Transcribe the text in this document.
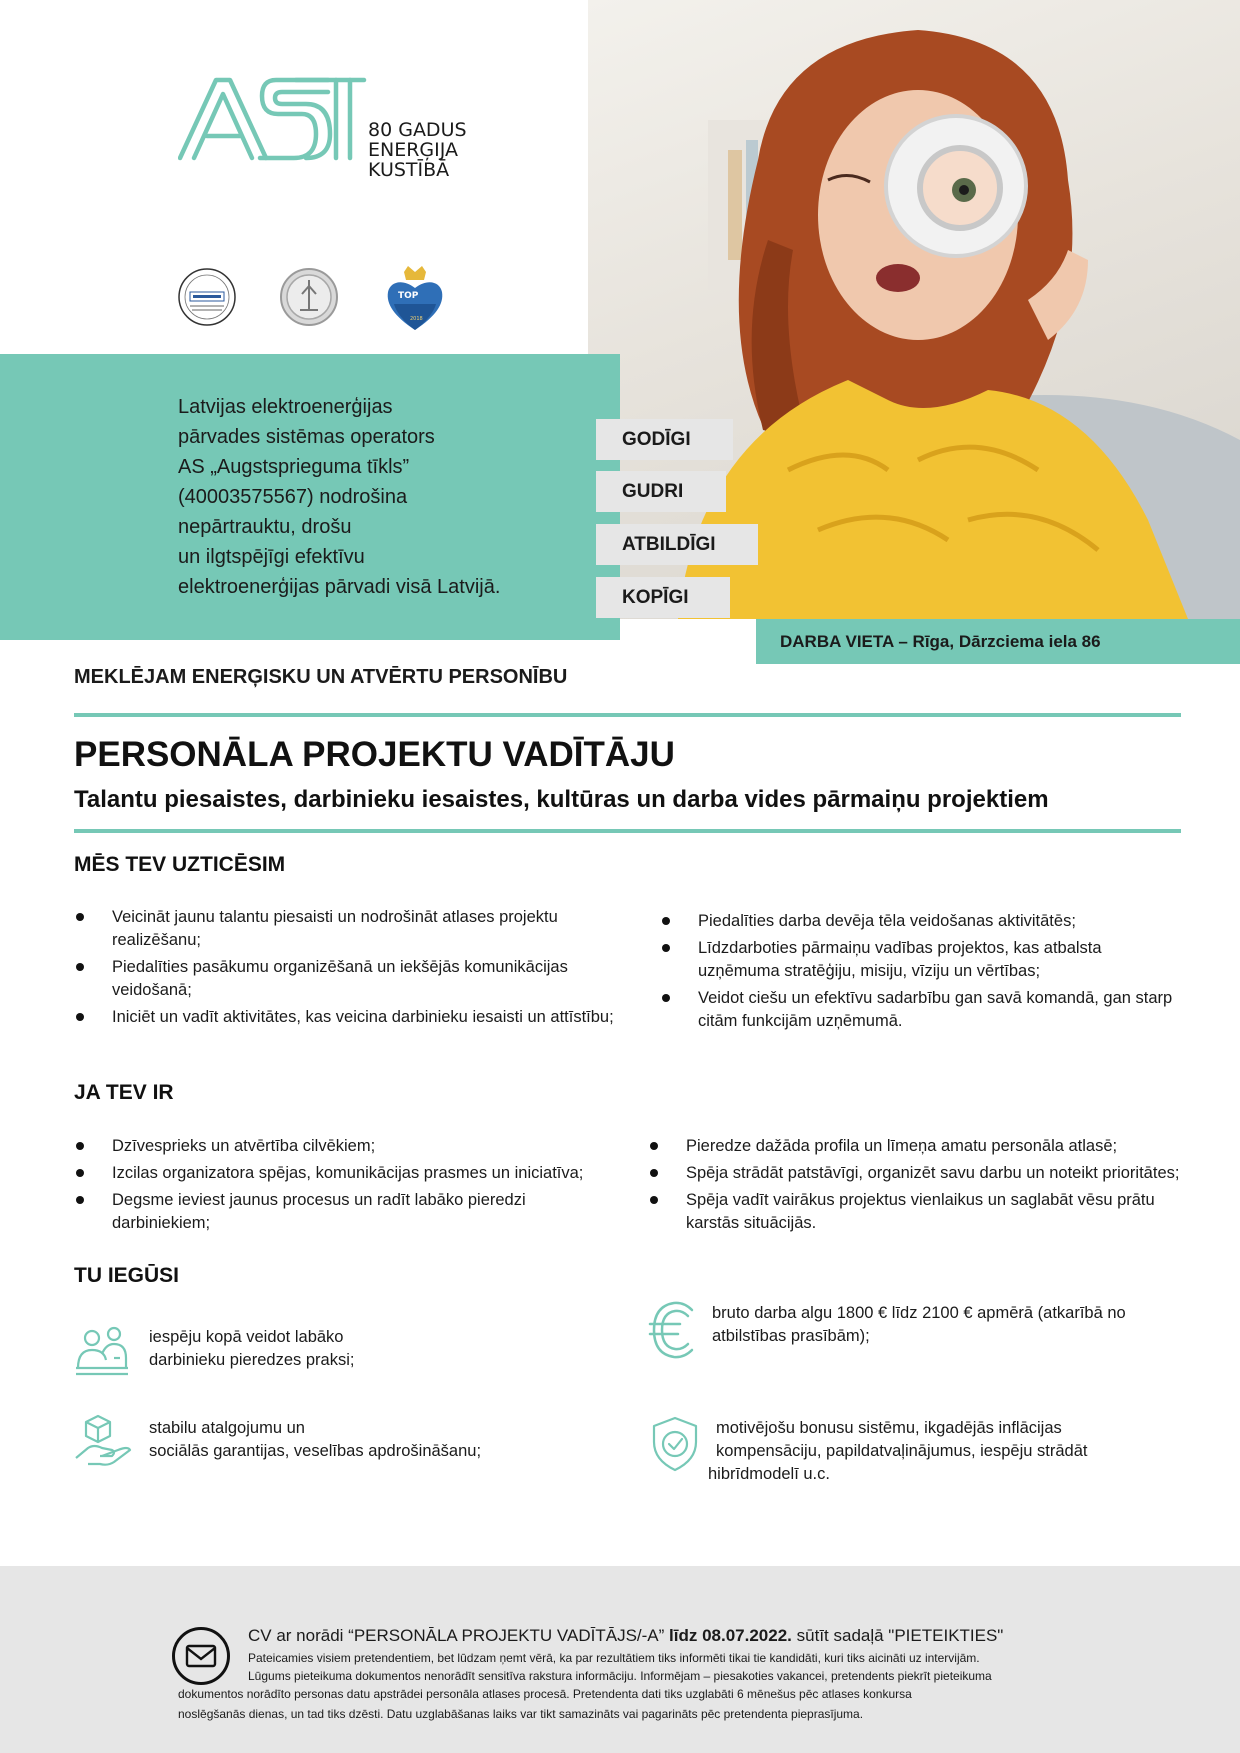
80 GADUS
ENERĢIJA
KUSTĪBĀ
TOP
2018
Latvijas elektroenerģijas
pārvades sistēmas operators
AS „Augstsprieguma tīkls”
(40003575567) nodrošina
nepārtrauktu, drošu
un ilgtspējīgi efektīvu
elektroenerģijas pārvadi visā Latvijā.
GODĪGI
GUDRI
ATBILDĪGI
KOPĪGI
DARBA VIETA – Rīga, Dārzciema iela 86
MEKLĒJAM ENERĢISKU UN ATVĒRTU PERSONĪBU
PERSONĀLA PROJEKTU VADĪTĀJU
Talantu piesaistes, darbinieku iesaistes, kultūras un darba vides pārmaiņu projektiem
MĒS TEV UZTICĒSIM
Veicināt jaunu talantu piesaisti un nodrošināt atlases projektu realizēšanu;
Piedalīties pasākumu organizēšanā un iekšējās komunikācijas veidošanā;
Iniciēt un vadīt aktivitātes, kas veicina darbinieku iesaisti un attīstību;
Piedalīties darba devēja tēla veidošanas aktivitātēs;
Līdzdarboties pārmaiņu vadības projektos, kas atbalsta uzņēmuma stratēģiju, misiju, vīziju un vērtības;
Veidot ciešu un efektīvu sadarbību gan savā komandā, gan starp citām funkcijām uzņēmumā.
JA TEV IR
Dzīvesprieks un atvērtība cilvēkiem;
Izcilas organizatora spējas, komunikācijas prasmes un iniciatīva;
Degsme ieviest jaunus procesus un radīt labāko pieredzi darbiniekiem;
Pieredze dažāda profila un līmeņa amatu personāla atlasē;
Spēja strādāt patstāvīgi, organizēt savu darbu un noteikt prioritātes;
Spēja vadīt vairākus projektus vienlaikus un saglabāt vēsu prātu karstās situācijās.
TU IEGŪSI
iespēju kopā veidot labāko
darbinieku pieredzes praksi;
bruto darba algu 1800 € līdz 2100 € apmērā (atkarībā no
atbilstības prasībām);
stabilu atalgojumu un
sociālās garantijas, veselības apdrošināšanu;
motivējošu bonusu sistēmu, ikgadējās inflācijas
kompensāciju, papildatvaļinājumus, iespēju strādāt
hibrīdmodelī u.c.
CV ar norādi “PERSONĀLA PROJEKTU VADĪTĀJS/-A” līdz 08.07.2022. sūtīt sadaļā "PIETEIKTIES"
Pateicamies visiem pretendentiem, bet lūdzam ņemt vērā, ka par rezultātiem tiks informēti tikai tie kandidāti, kuri tiks aicināti uz intervijām.
Lūgums pieteikuma dokumentos nenorādīt sensitīva rakstura informāciju. Informējam – piesakoties vakancei, pretendents piekrīt pieteikuma
dokumentos norādīto personas datu apstrādei personāla atlases procesā. Pretendenta dati tiks uzglabāti 6 mēnešus pēc atlases konkursa
noslēgšanās dienas, un tad tiks dzēsti. Datu uzglabāšanas laiks var tikt samazināts vai pagarināts pēc pretendenta pieprasījuma.
